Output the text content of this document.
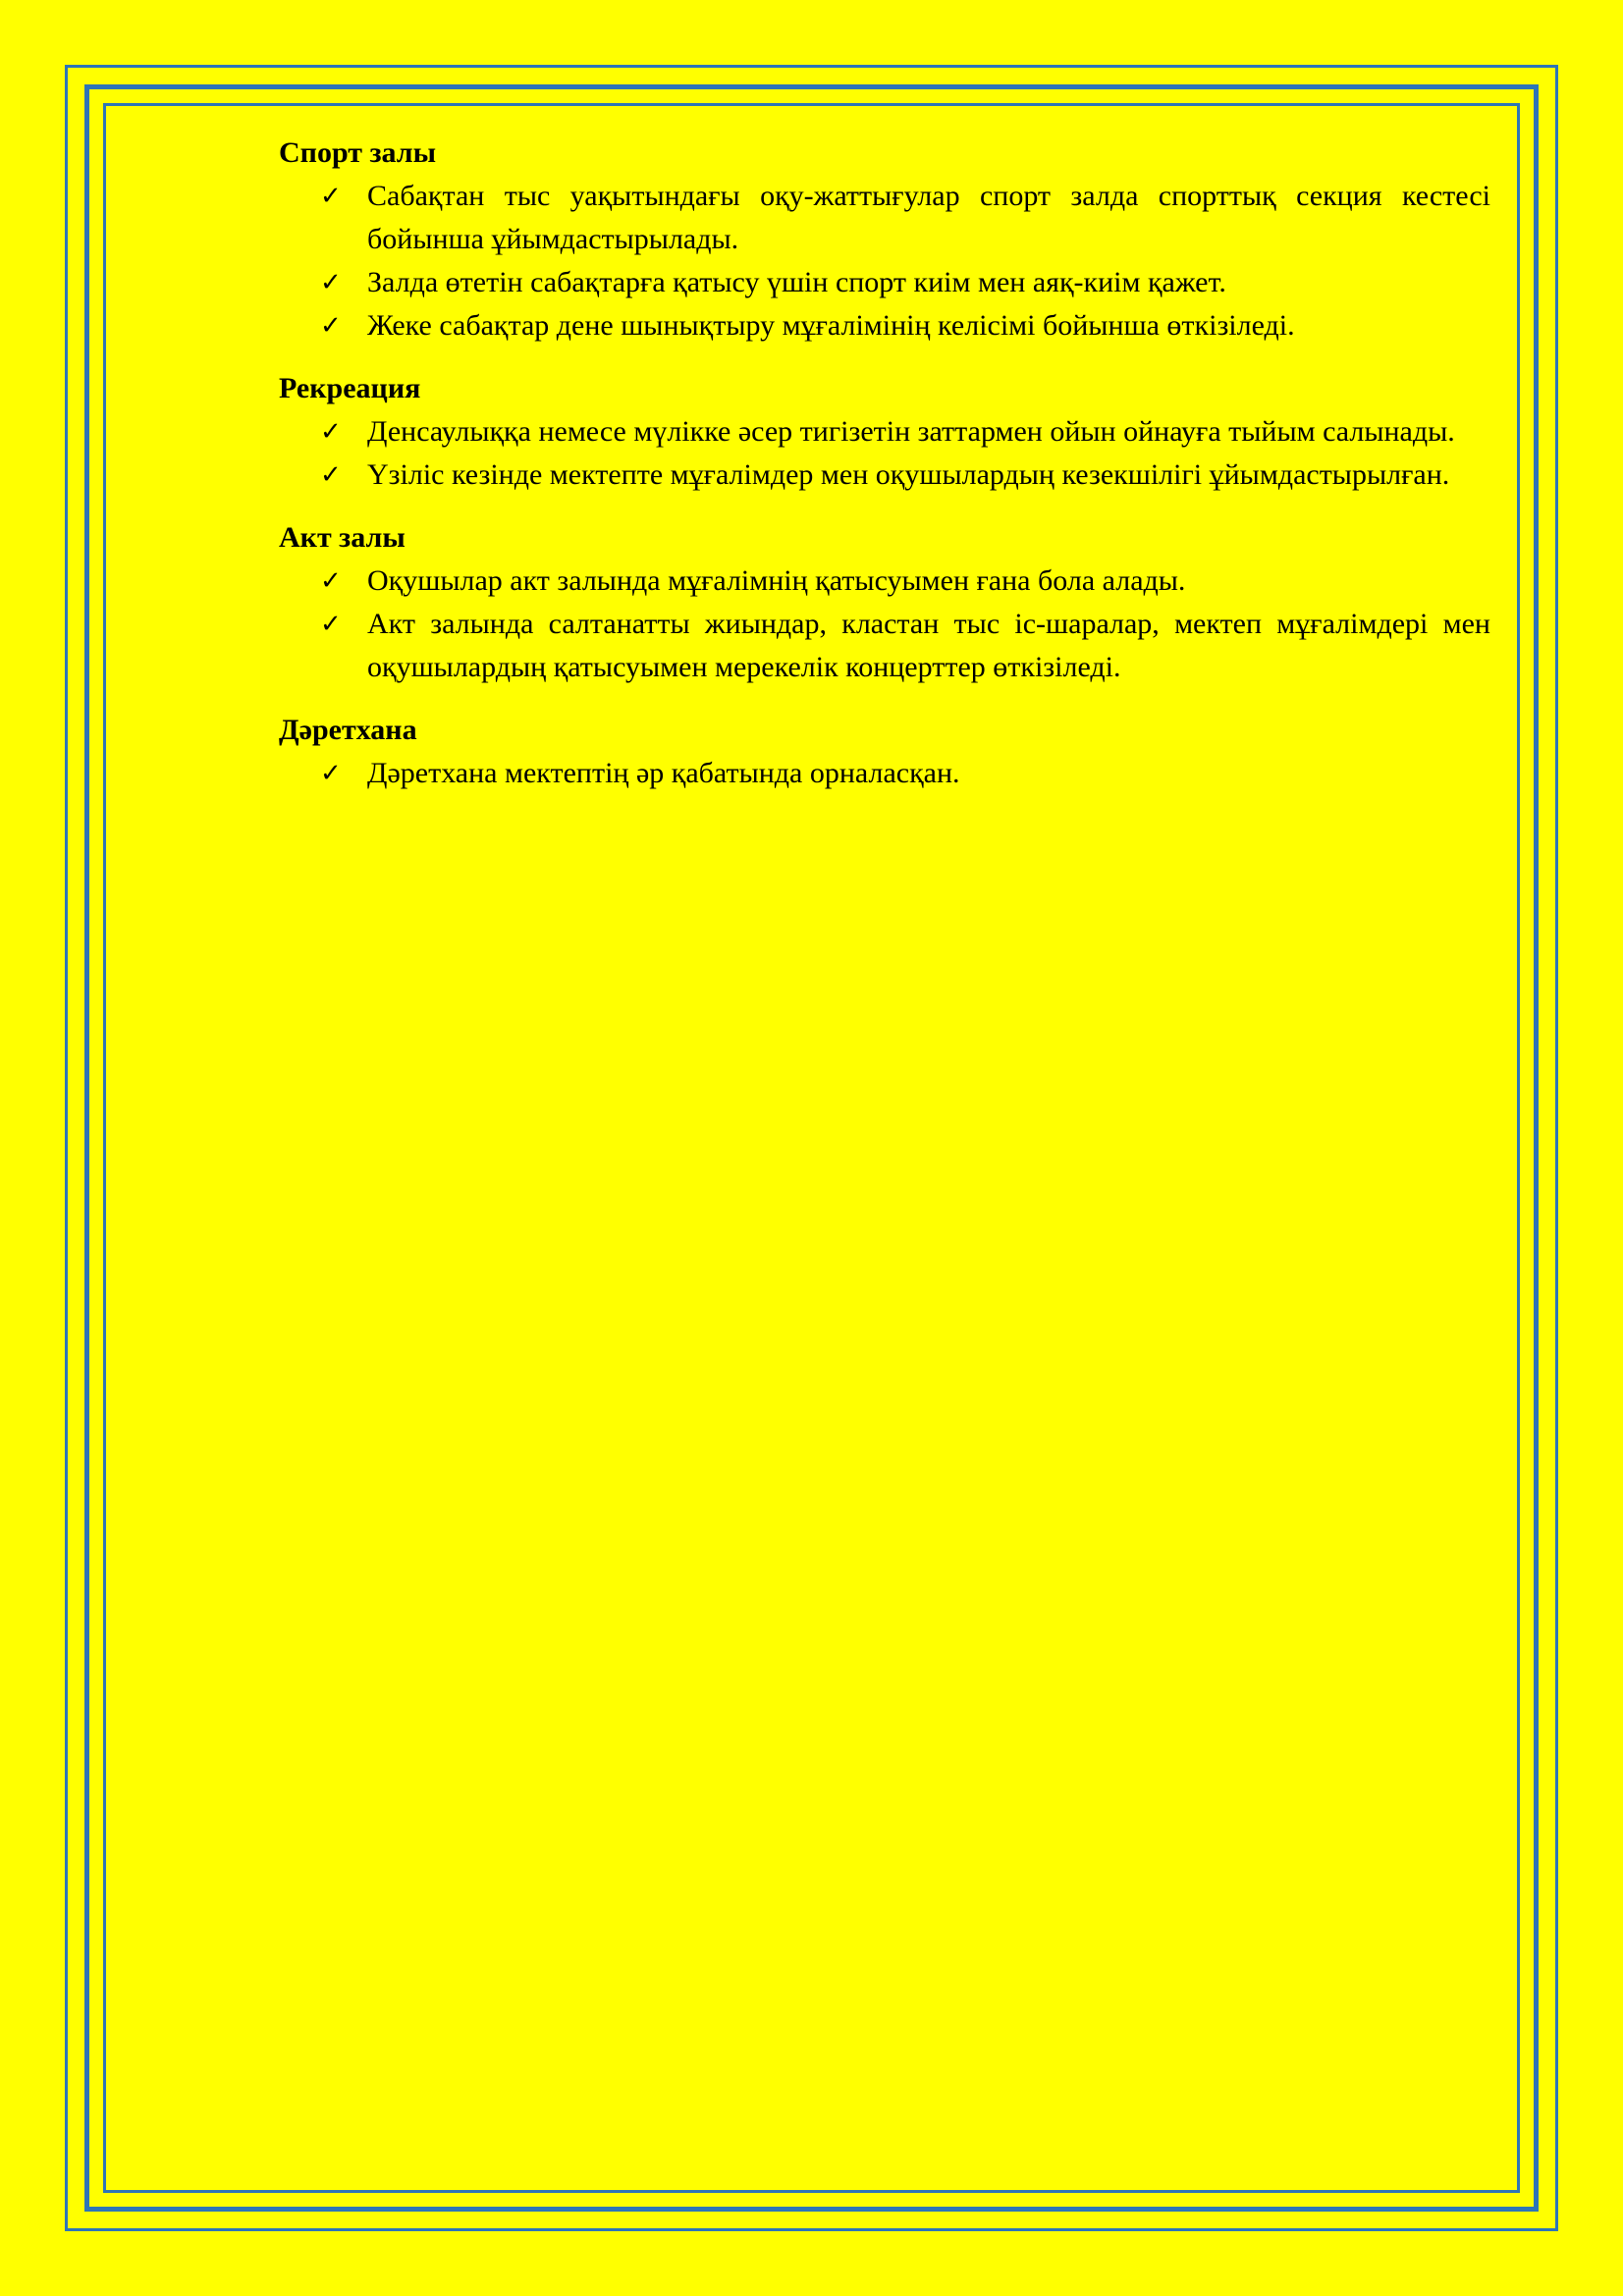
Спорт залы

✓ Сабақтан тыс уақытындағы оқу-жаттығулар спорт залда спорттық секция кестесі бойынша ұйымдастырылады.
✓ Залда өтетін сабақтарға қатысу үшін спорт киім мен аяқ-киім қажет.
✓ Жеке сабақтар дене шынықтыру мұғалімінің келісімі бойынша өткізіледі.

Рекреация

✓ Денсаулыққа немесе мүлікке әсер тигізетін заттармен ойын ойнауға тыйым салынады.
✓ Үзіліс кезінде мектепте мұғалімдер мен оқушылардың кезекшілігі ұйымдастырылған.

Акт залы

✓ Оқушылар акт залында мұғалімнің қатысуымен ғана бола алады.
✓ Акт залында салтанатты жиындар, кластан тыс іс-шаралар, мектеп мұғалімдері мен оқушылардың қатысуымен мерекелік концерттер өткізіледі.

Дәретхана

✓ Дәретхана мектептің әр қабатында орналасқан.
